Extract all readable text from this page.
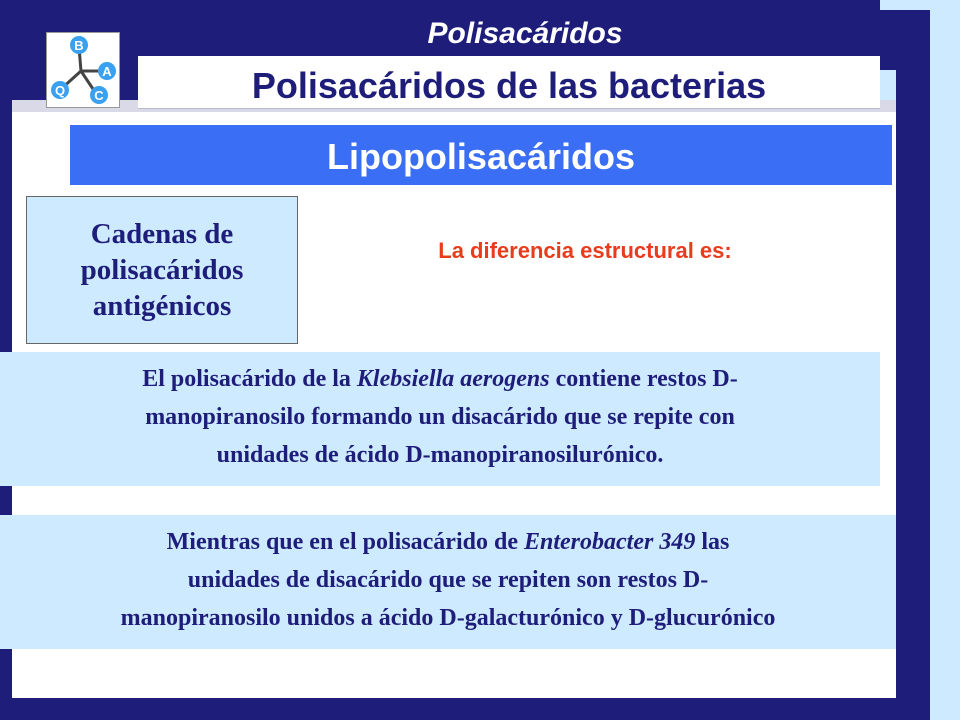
Polisacáridos
B
A
C
Q	Polisacáridos de las bacterias
Lipopolisacáridos
Cadenas de
polisacáridos
antigénicos
La diferencia estructural es:
El polisacárido de la Klebsiella aerogens contiene restos D-
manopiranosilo formando un disacárido que se repite con
unidades de ácido D-manopiranosilurónico.
Mientras que en el polisacárido de Enterobacter 349 las
unidades de disacárido que se repiten son restos D-
manopiranosilo unidos a ácido D-galacturónico y D-glucurónico
